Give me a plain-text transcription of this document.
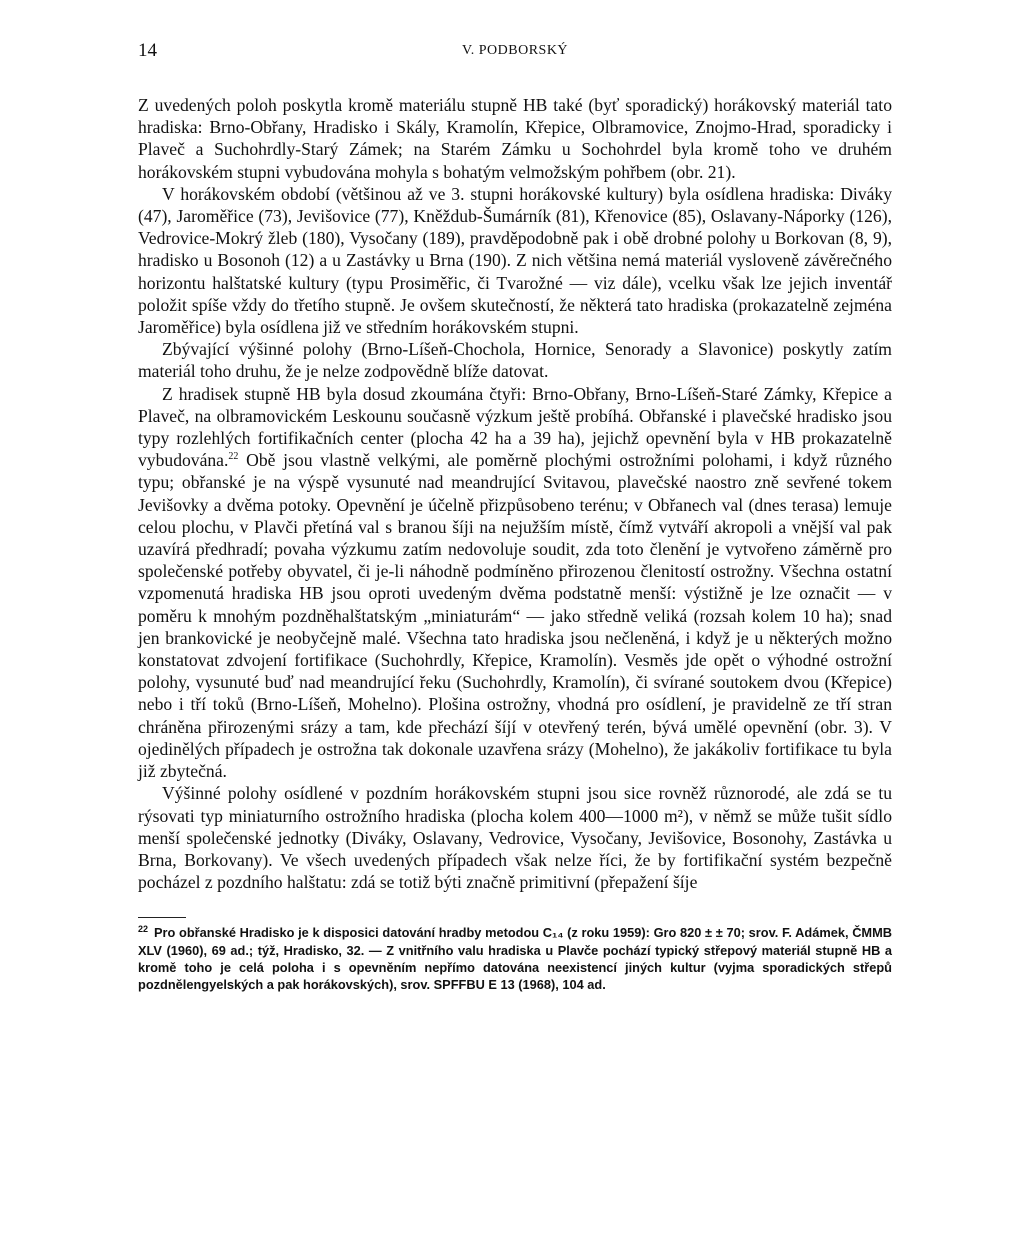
14	V. PODBORSKÝ

Z uvedených poloh poskytla kromě materiálu stupně HB také (byť sporadický) horákovský materiál tato hradiska: Brno-Obřany, Hradisko i Skály, Kramolín, Křepice, Olbramovice, Znojmo-Hrad, sporadicky i Plaveč a Suchohrdly-Starý Zámek; na Starém Zámku u Sochohrdel byla kromě toho ve druhém horákovském stupni vybudována mohyla s bohatým velmožským pohřbem (obr. 21).

V horákovském období (většinou až ve 3. stupni horákovské kultury) byla osídlena hradiska: Diváky (47), Jaroměřice (73), Jevišovice (77), Kněždub-Šumárník (81), Křenovice (85), Oslavany-Náporky (126), Vedrovice-Mokrý žleb (180), Vysočany (189), pravděpodobně pak i obě drobné polohy u Borkovan (8, 9), hradisko u Bosonoh (12) a u Zastávky u Brna (190). Z nich většina nemá materiál vysloveně závěrečného horizontu halštatské kultury (typu Prosiměřic, či Tvarožné — viz dále), vcelku však lze jejich inventář položit spíše vždy do třetího stupně. Je ovšem skutečností, že některá tato hradiska (prokazatelně zejména Jaroměřice) byla osídlena již ve středním horákovském stupni.

Zbývající výšinné polohy (Brno-Líšeň-Chochola, Hornice, Senorady a Slavonice) poskytly zatím materiál toho druhu, že je nelze zodpovědně blíže datovat.

Z hradisek stupně HB byla dosud zkoumána čtyři: Brno-Obřany, Brno-Líšeň-Staré Zámky, Křepice a Plaveč, na olbramovickém Leskounu současně výzkum ještě probíhá. Obřanské i plavečské hradisko jsou typy rozlehlých fortifikačních center (plocha 42 ha a 39 ha), jejichž opevnění byla v HB prokazatelně vybudována.$^{22}$ Obě jsou vlastně velkými, ale poměrně plochými ostrožními polohami, i když různého typu; obřanské je na výspě vysunuté nad meandrující Svitavou, plavečské naostro zně sevřené tokem Jevišovky a dvěma potoky. Opevnění je účelně přizpůsobeno terénu; v Obřanech val (dnes terasa) lemuje celou plochu, v Plavči přetíná val s branou šíji na nejužším místě, čímž vytváří akropoli a vnější val pak uzavírá předhradí; povaha výzkumu zatím nedovoluje soudit, zda toto členění je vytvořeno záměrně pro společenské potřeby obyvatel, či je-li náhodně podmíněno přirozenou členitostí ostrožny. Všechna ostatní vzpomenutá hradiska HB jsou oproti uvedeným dvěma podstatně menší: výstižně je lze označit — v poměru k mnohým pozdněhalštatským „miniaturám“ — jako středně veliká (rozsah kolem 10 ha); snad jen brankovické je neobyčejně malé. Všechna tato hradiska jsou nečleněná, i když je u některých možno konstatovat zdvojení fortifikace (Suchohrdly, Křepice, Kramolín). Vesměs jde opět o výhodné ostrožní polohy, vysunuté buď nad meandrující řeku (Suchohrdly, Kramolín), či svírané soutokem dvou (Křepice) nebo i tří toků (Brno-Líšeň, Mohelno). Plošina ostrožny, vhodná pro osídlení, je pravidelně ze tří stran chráněna přirozenými srázy a tam, kde přechází šíjí v otevřený terén, bývá umělé opevnění (obr. 3). V ojedinělých případech je ostrožna tak dokonale uzavřena srázy (Mohelno), že jakákoliv fortifikace tu byla již zbytečná.

Výšinné polohy osídlené v pozdním horákovském stupni jsou sice rovněž různorodé, ale zdá se tu rýsovati typ miniaturního ostrožního hradiska (plocha kolem 400—1000 m²), v němž se může tušit sídlo menší společenské jednotky (Diváky, Oslavany, Vedrovice, Vysočany, Jevišovice, Bosonohy, Zastávka u Brna, Borkovany). Ve všech uvedených případech však nelze říci, že by fortifikační systém bezpečně pocházel z pozdního halštatu: zdá se totiž býti značně primitivní (přepažení šíje

$^{22}$ Pro obřanské Hradisko je k disposici datování hradby metodou C₁₄ (z roku 1959): Gro 820 ± ± 70; srov. F. Adámek, ČMMB XLV (1960), 69 ad.; týž, Hradisko, 32. — Z vnitřního valu hradiska u Plavče pochází typický střepový materiál stupně HB a kromě toho je celá poloha i s opevněním nepřímo datována neexistencí jiných kultur (vyjma sporadických střepů pozdnělengyelských a pak horákovských), srov. SPFFBU E 13 (1968), 104 ad.
